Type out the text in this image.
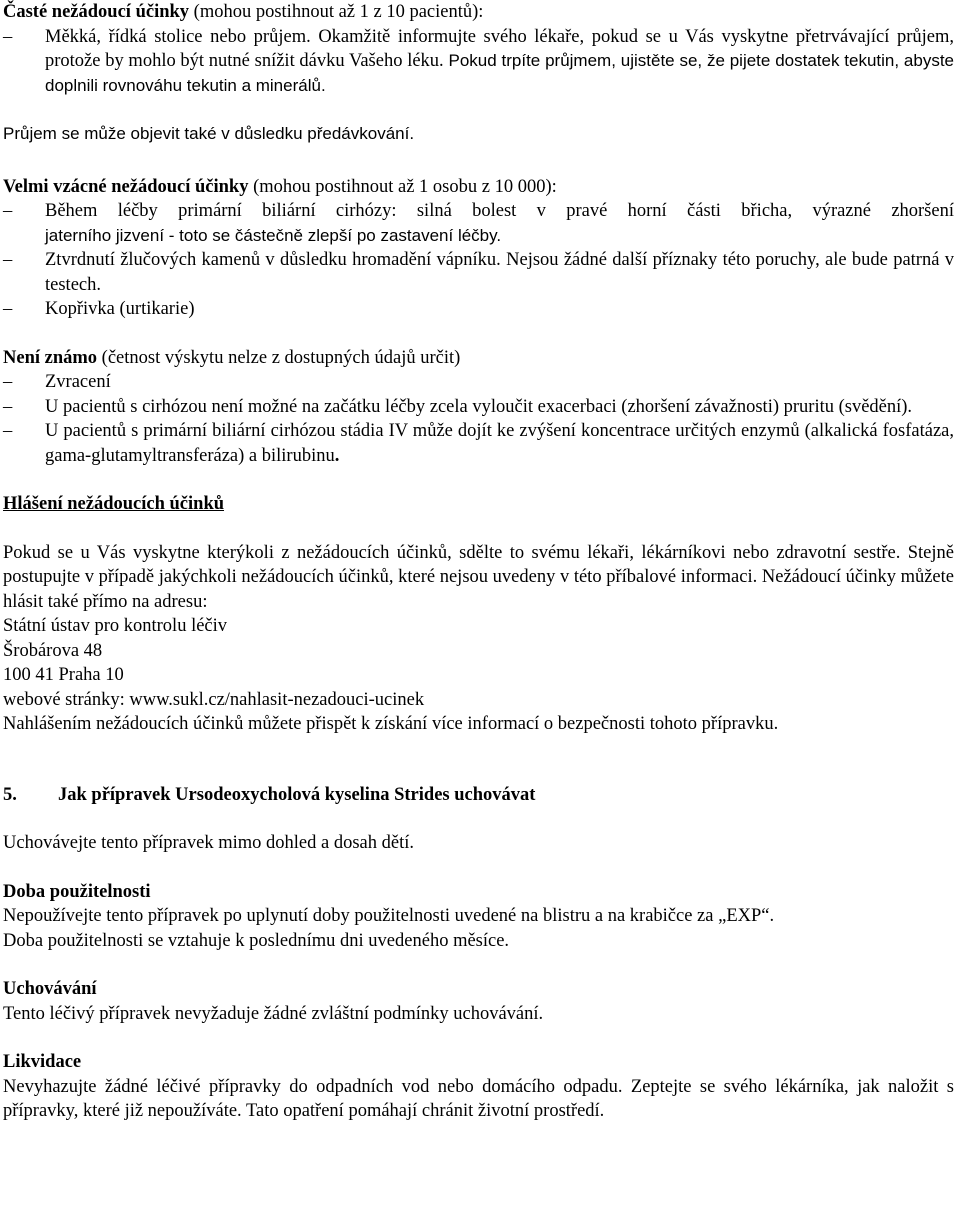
Časté nežádoucí účinky (mohou postihnout až 1 z 10 pacientů):

– Měkká, řídká stolice nebo průjem. Okamžitě informujte svého lékaře, pokud se u Vás vyskytne přetrvávající průjem, protože by mohlo být nutné snížit dávku Vašeho léku. Pokud trpíte průjmem, ujistěte se, že pijete dostatek tekutin, abyste doplnili rovnováhu tekutin a minerálů.

Průjem se může objevit také v důsledku předávkování.

Velmi vzácné nežádoucí účinky (mohou postihnout až 1 osobu z 10 000):

– Během léčby primární biliární cirhózy: silná bolest v pravé horní části břicha, výrazné zhoršení

jaterního jizvení - toto se částečně zlepší po zastavení léčby.

– Ztvrdnutí žlučových kamenů v důsledku hromadění vápníku. Nejsou žádné další příznaky této poruchy, ale bude patrná v testech.
– Kopřivka (urtikarie)

Není známo (četnost výskytu nelze z dostupných údajů určit)

– Zvracení
– U pacientů s cirhózou není možné na začátku léčby zcela vyloučit exacerbaci (zhoršení závažnosti) pruritu (svědění).
– U pacientů s primární biliární cirhózou stádia IV může dojít ke zvýšení koncentrace určitých enzymů (alkalická fosfatáza, gama-glutamyltransferáza) a bilirubinu.

Hlášení nežádoucích účinků

Pokud se u Vás vyskytne kterýkoli z nežádoucích účinků, sdělte to svému lékaři, lékárníkovi nebo zdravotní sestře. Stejně postupujte v případě jakýchkoli nežádoucích účinků, které nejsou uvedeny v této příbalové informaci. Nežádoucí účinky můžete hlásit také přímo na adresu:

Státní ústav pro kontrolu léčiv

Šrobárova 48

100 41 Praha 10

webové stránky: www.sukl.cz/nahlasit-nezadouci-ucinek

Nahlášením nežádoucích účinků můžete přispět k získání více informací o bezpečnosti tohoto přípravku.

5. Jak přípravek Ursodeoxycholová kyselina Strides uchovávat

Uchovávejte tento přípravek mimo dohled a dosah dětí.

Doba použitelnosti

Nepoužívejte tento přípravek po uplynutí doby použitelnosti uvedené na blistru a na krabičce za „EXP“.

Doba použitelnosti se vztahuje k poslednímu dni uvedeného měsíce.

Uchovávání

Tento léčivý přípravek nevyžaduje žádné zvláštní podmínky uchovávání.

Likvidace

Nevyhazujte žádné léčivé přípravky do odpadních vod nebo domácího odpadu. Zeptejte se svého lékárníka, jak naložit s přípravky, které již nepoužíváte. Tato opatření pomáhají chránit životní prostředí.
